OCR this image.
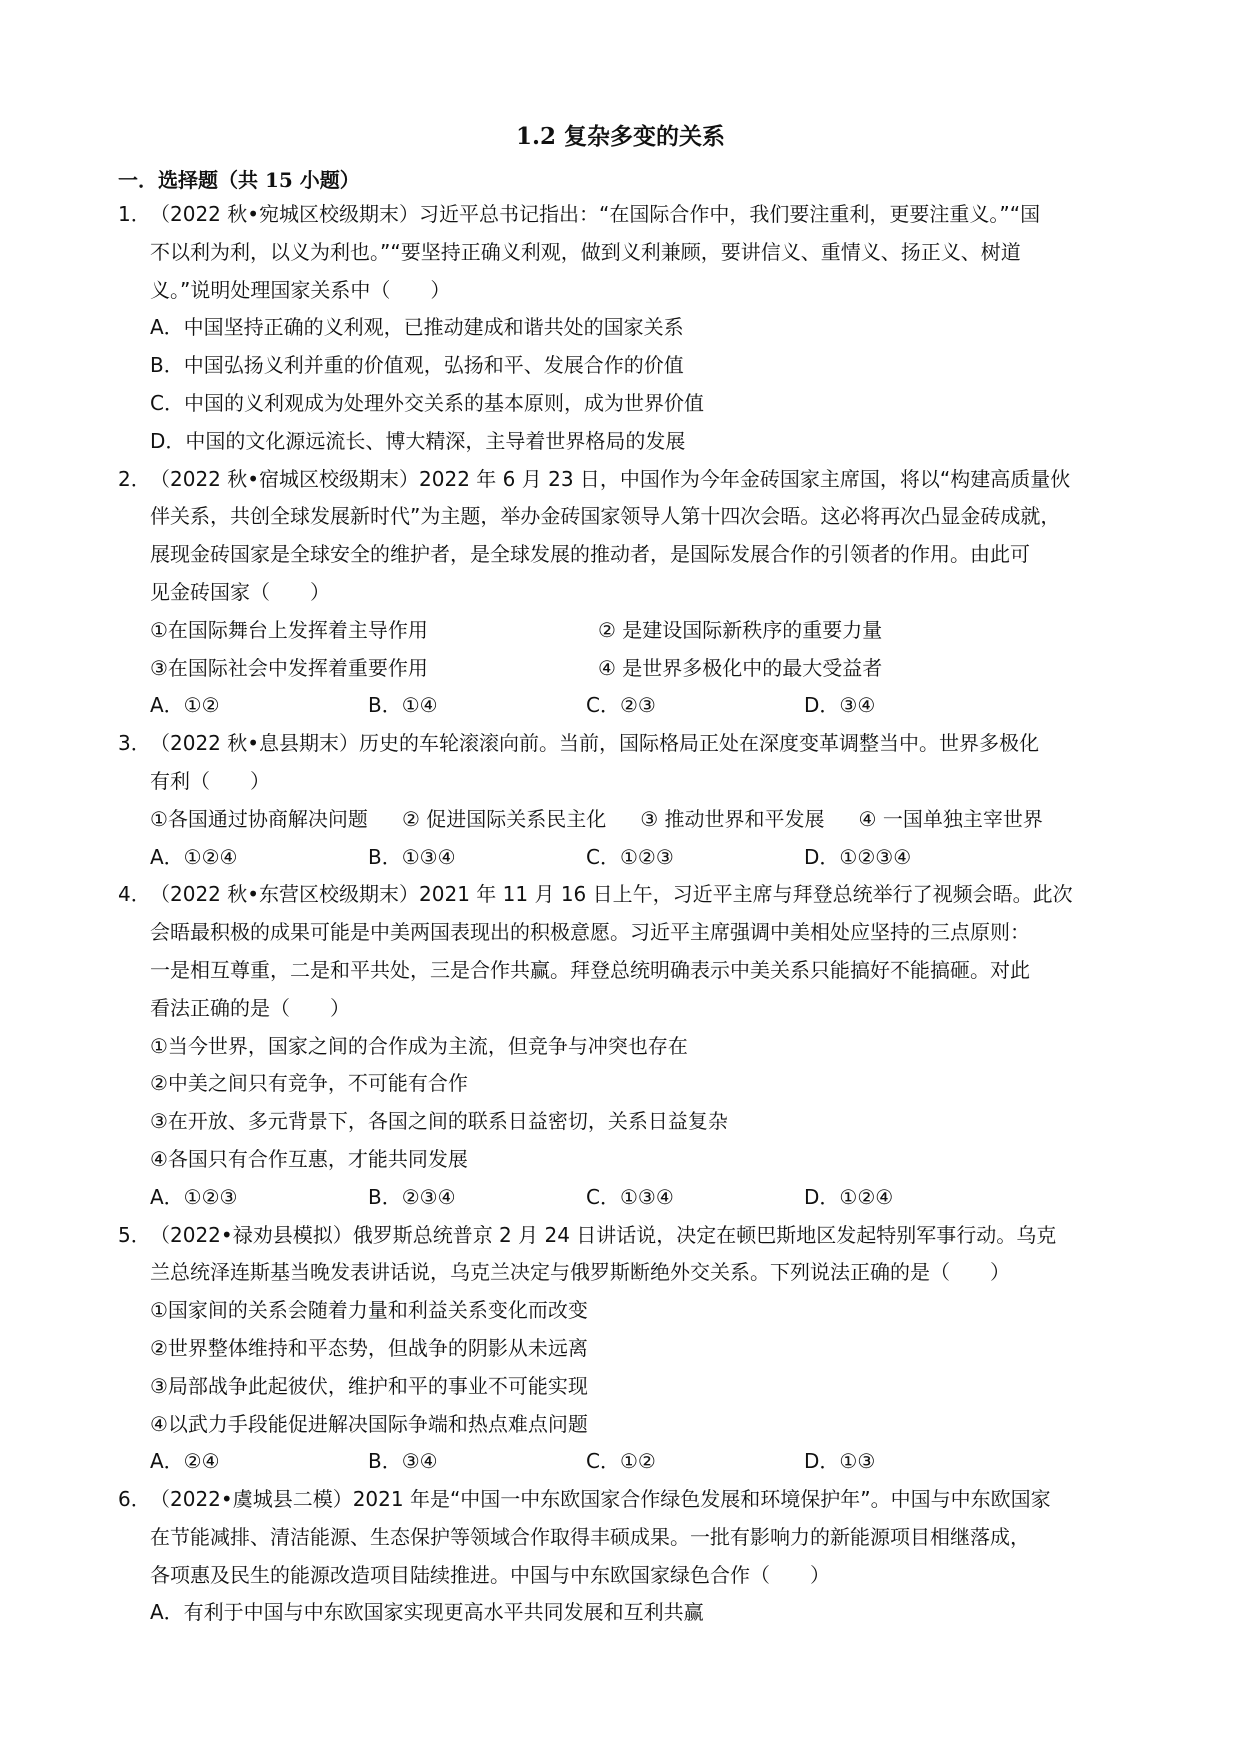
1.2 复杂多变的关系
一．选择题（共 15 小题）
1．（2022 秋•宛城区校级期末）习近平总书记指出：“在国际合作中，我们要注重利，更要注重义。”“国
不以利为利，以义为利也。”“要坚持正确义利观，做到义利兼顾，要讲信义、重情义、扬正义、树道
义。”说明处理国家关系中（　　）
A．中国坚持正确的义利观，已推动建成和谐共处的国家关系
B．中国弘扬义利并重的价值观，弘扬和平、发展合作的价值
C．中国的义利观成为处理外交关系的基本原则，成为世界价值
D．中国的文化源远流长、博大精深，主导着世界格局的发展
2．（2022 秋•宿城区校级期末）2022 年 6 月 23 日，中国作为今年金砖国家主席国，将以“构建高质量伙
伴关系，共创全球发展新时代”为主题，举办金砖国家领导人第十四次会晤。这必将再次凸显金砖成就，
展现金砖国家是全球安全的维护者，是全球发展的推动者，是国际发展合作的引领者的作用。由此可
见金砖国家（　　）
①在国际舞台上发挥着主导作用	② 是建设国际新秩序的重要力量
③在国际社会中发挥着重要作用	④ 是世界多极化中的最大受益者
A．①②	B．①④	C．②③	D．③④
3．（2022 秋•息县期末）历史的车轮滚滚向前。当前，国际格局正处在深度变革调整当中。世界多极化
有利（　　）
①各国通过协商解决问题 ② 促进国际关系民主化 ③ 推动世界和平发展 ④ 一国单独主宰世界
A．①②④	B．①③④	C．①②③	D．①②③④
4．（2022 秋•东营区校级期末）2021 年 11 月 16 日上午，习近平主席与拜登总统举行了视频会晤。此次
会晤最积极的成果可能是中美两国表现出的积极意愿。习近平主席强调中美相处应坚持的三点原则：
一是相互尊重，二是和平共处，三是合作共赢。拜登总统明确表示中美关系只能搞好不能搞砸。对此
看法正确的是（　　）
①当今世界，国家之间的合作成为主流，但竞争与冲突也存在
②中美之间只有竞争，不可能有合作
③在开放、多元背景下，各国之间的联系日益密切，关系日益复杂
④各国只有合作互惠，才能共同发展
A．①②③	B．②③④	C．①③④	D．①②④
5．（2022•禄劝县模拟）俄罗斯总统普京 2 月 24 日讲话说，决定在顿巴斯地区发起特别军事行动。乌克
兰总统泽连斯基当晚发表讲话说，乌克兰决定与俄罗斯断绝外交关系。下列说法正确的是（　　）
①国家间的关系会随着力量和利益关系变化而改变
②世界整体维持和平态势，但战争的阴影从未远离
③局部战争此起彼伏，维护和平的事业不可能实现
④以武力手段能促进解决国际争端和热点难点问题
A．②④	B．③④	C．①②	D．①③
6．（2022•虞城县二模）2021 年是“中国一中东欧国家合作绿色发展和环境保护年”。中国与中东欧国家
在节能减排、清洁能源、生态保护等领域合作取得丰硕成果。一批有影响力的新能源项目相继落成，
各项惠及民生的能源改造项目陆续推进。中国与中东欧国家绿色合作（　　）
A．有利于中国与中东欧国家实现更高水平共同发展和互利共赢
